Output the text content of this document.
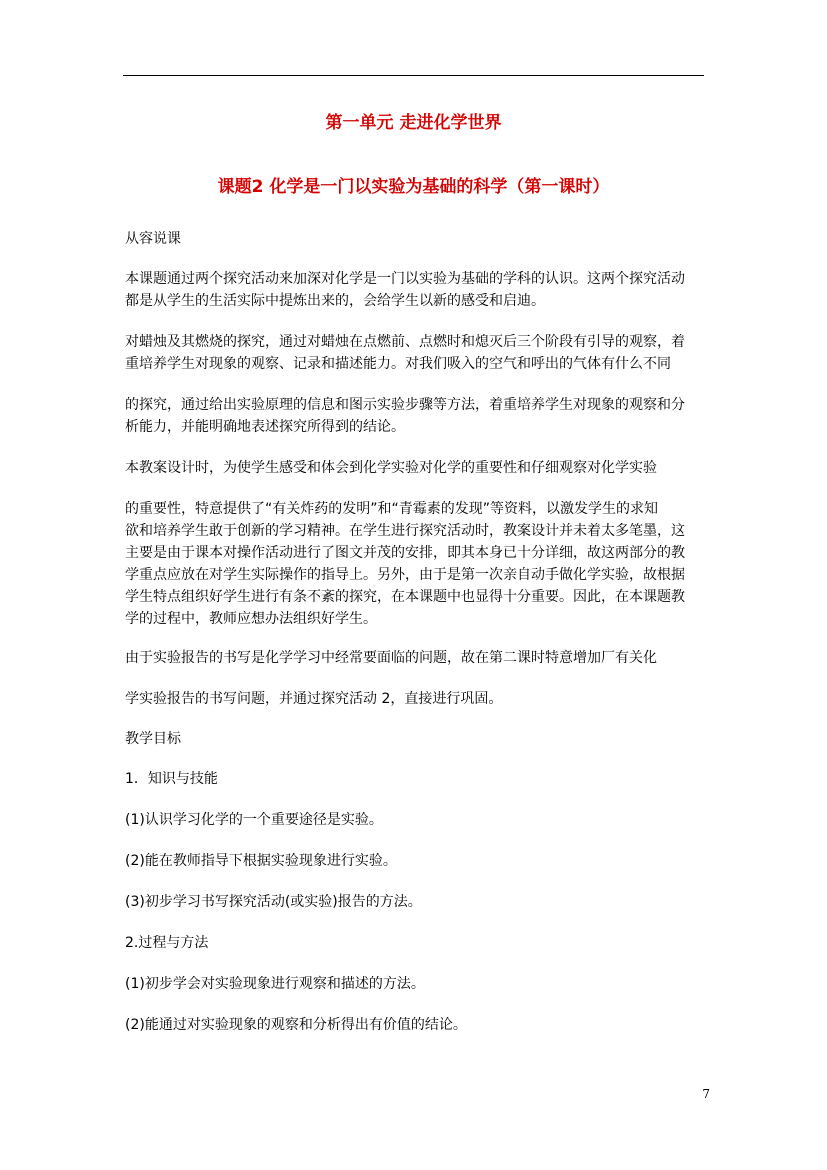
第一单元 走进化学世界
课题2 化学是一门以实验为基础的科学（第一课时）
从容说课
本课题通过两个探究活动来加深对化学是一门以实验为基础的学科的认识。这两个探究活动
都是从学生的生活实际中提炼出来的，会给学生以新的感受和启迪。
对蜡烛及其燃烧的探究，通过对蜡烛在点燃前、点燃时和熄灭后三个阶段有引导的观察，着
重培养学生对现象的观察、记录和描述能力。对我们吸入的空气和呼出的气体有什么不同
的探究，通过给出实验原理的信息和图示实验步骤等方法，着重培养学生对现象的观察和分
析能力，并能明确地表述探究所得到的结论。
本教案设计时，为使学生感受和体会到化学实验对化学的重要性和仔细观察对化学实验
的重要性，特意提供了“有关炸药的发明”和“青霉素的发现”等资料，以激发学生的求知
欲和培养学生敢于创新的学习精神。在学生进行探究活动时，教案设计并未着太多笔墨，这
主要是由于课本对操作活动进行了图文并茂的安排，即其本身已十分详细，故这两部分的教
学重点应放在对学生实际操作的指导上。另外，由于是第一次亲自动手做化学实验，故根据
学生特点组织好学生进行有条不紊的探究，在本课题中也显得十分重要。因此，在本课题教
学的过程中，教师应想办法组织好学生。
由于实验报告的书写是化学学习中经常要面临的问题，故在第二课时特意增加厂有关化
学实验报告的书写问题，并通过探究活动 2，直接进行巩固。
教学目标
1．知识与技能
(1)认识学习化学的一个重要途径是实验。
(2)能在教师指导下根据实验现象进行实验。
(3)初步学习书写探究活动(或实验)报告的方法。
2.过程与方法
(1)初步学会对实验现象进行观察和描述的方法。
(2)能通过对实验现象的观察和分析得出有价值的结论。
7
